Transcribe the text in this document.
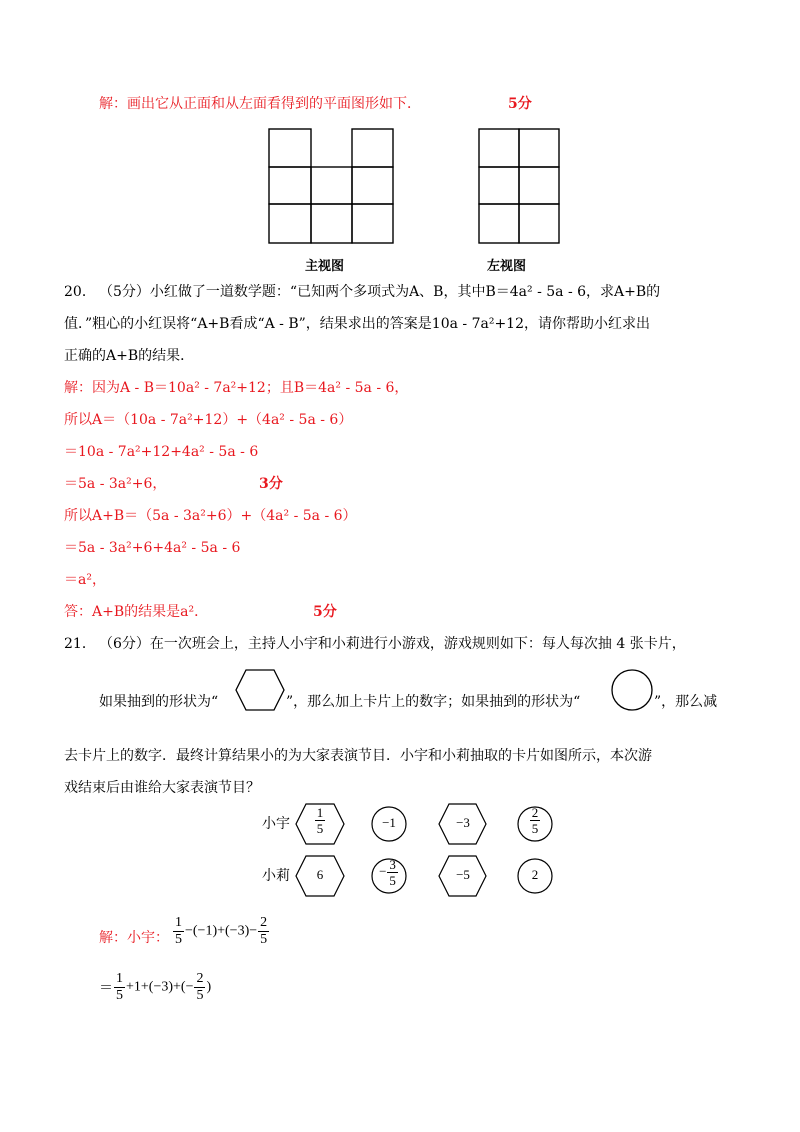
解：画出它从正面和从左面看得到的平面图形如下．	5分
主视图	左视图
20． （5分）小红做了一道数学题：“已知两个多项式为A、B，其中B＝4a² - 5a - 6，求A+B的
值．”粗心的小红误将“A+B看成“A - B”，结果求出的答案是10a - 7a²+12，请你帮助小红求出
正确的A+B的结果．
解：因为A - B＝10a² - 7a²+12；且B＝4a² - 5a - 6，
所以A＝（10a - 7a²+12）+（4a² - 5a - 6）
＝10a - 7a²+12+4a² - 5a - 6
＝5a - 3a²+6，	3分
所以A+B＝（5a - 3a²+6）+（4a² - 5a - 6）
＝5a - 3a²+6+4a² - 5a - 6
＝a²，
答：A+B的结果是a²．	5分
21． （6分）在一次班会上，主持人小宇和小莉进行小游戏，游戏规则如下：每人每次抽 4 张卡片，
如果抽到的形状为“	”，那么加上卡片上的数字；如果抽到的形状为“	”，那么减
去卡片上的数字．最终计算结果小的为大家表演节目．小宇和小莉抽取的卡片如图所示，本次游
戏结束后由谁给大家表演节目？
小宇 $\frac{1}{5}$	−1	−3	$\frac{2}{5}$
小莉	6	− $\frac{3}{5}$	−5	2
解：小宇： $\frac{1}{5} -(-1)+(-3)- \frac{2}{5}$
＝ $\frac{1}{5} +1+(-3)+(- \frac{2}{5}$ )
